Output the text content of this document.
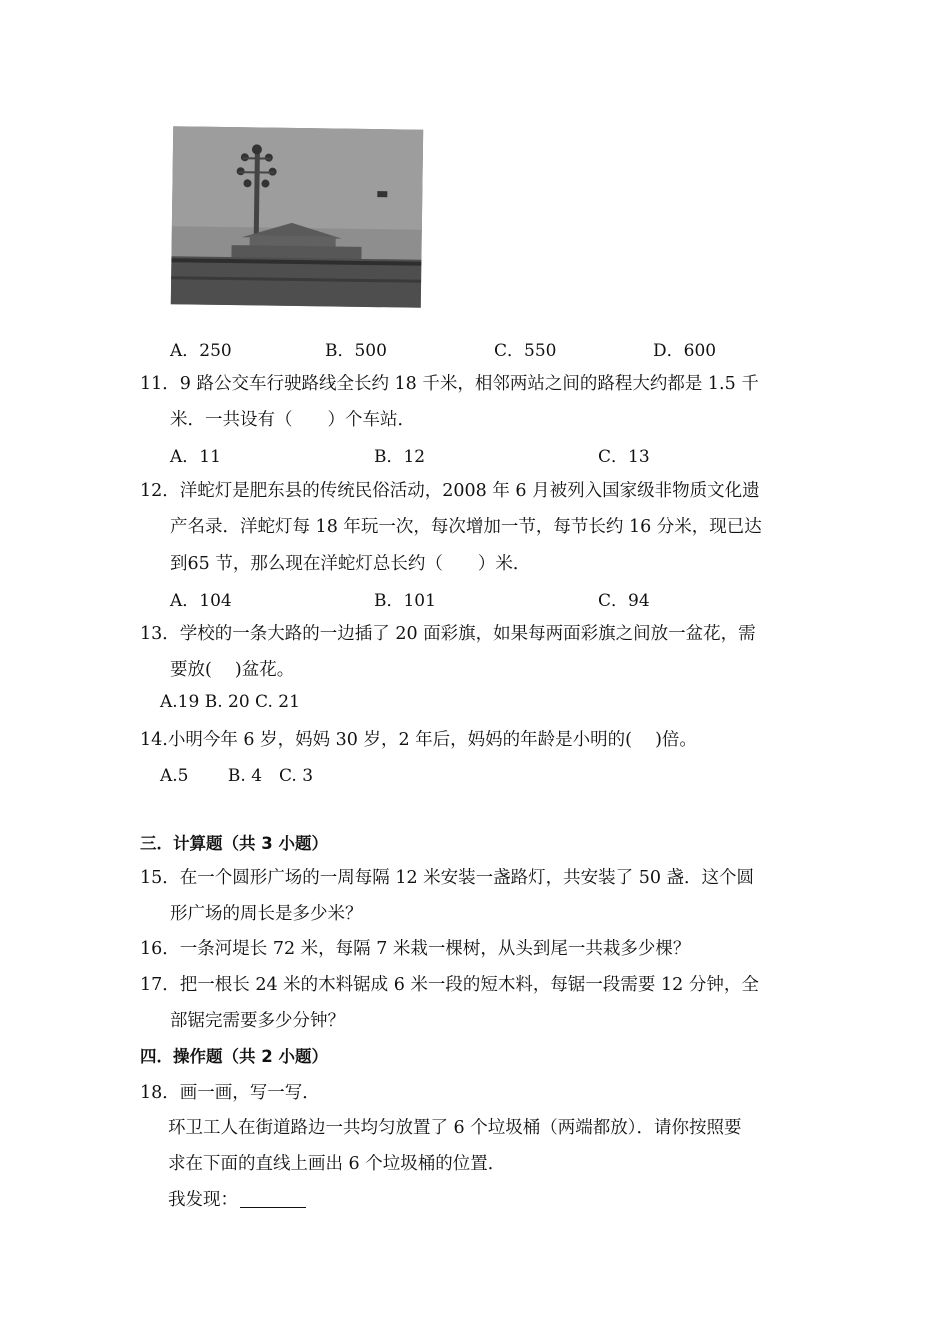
A．250	B．500	C．550	D．600
11．9 路公交车行驶路线全长约 18 千米，相邻两站之间的路程大约都是 1.5 千
米．一共设有（　　）个车站．
A．11	B．12	C．13
12．洋蛇灯是肥东县的传统民俗活动，2008 年 6 月被列入国家级非物质文化遗
产名录．洋蛇灯每 18 年玩一次，每次增加一节，每节长约 16 分米，现已达
到65 节，那么现在洋蛇灯总长约（　　）米．
A．104	B．101	C．94
13．学校的一条大路的一边插了 20 面彩旗，如果每两面彩旗之间放一盆花，需
要放(　 )盆花。
A.19 B. 20 C. 21
14.小明今年 6 岁，妈妈 30 岁，2 年后，妈妈的年龄是小明的(　 )倍。
A.5　　 B. 4　C. 3
三．计算题（共 3 小题）
15．在一个圆形广场的一周每隔 12 米安装一盏路灯，共安装了 50 盏．这个圆
形广场的周长是多少米？
16．一条河堤长 72 米，每隔 7 米栽一棵树，从头到尾一共栽多少棵？
17．把一根长 24 米的木料锯成 6 米一段的短木料，每锯一段需要 12 分钟，全
部锯完需要多少分钟？
四．操作题（共 2 小题）
18．画一画，写一写．
环卫工人在街道路边一共均匀放置了 6 个垃圾桶（两端都放）．请你按照要
求在下面的直线上画出 6 个垃圾桶的位置．
我发现：
